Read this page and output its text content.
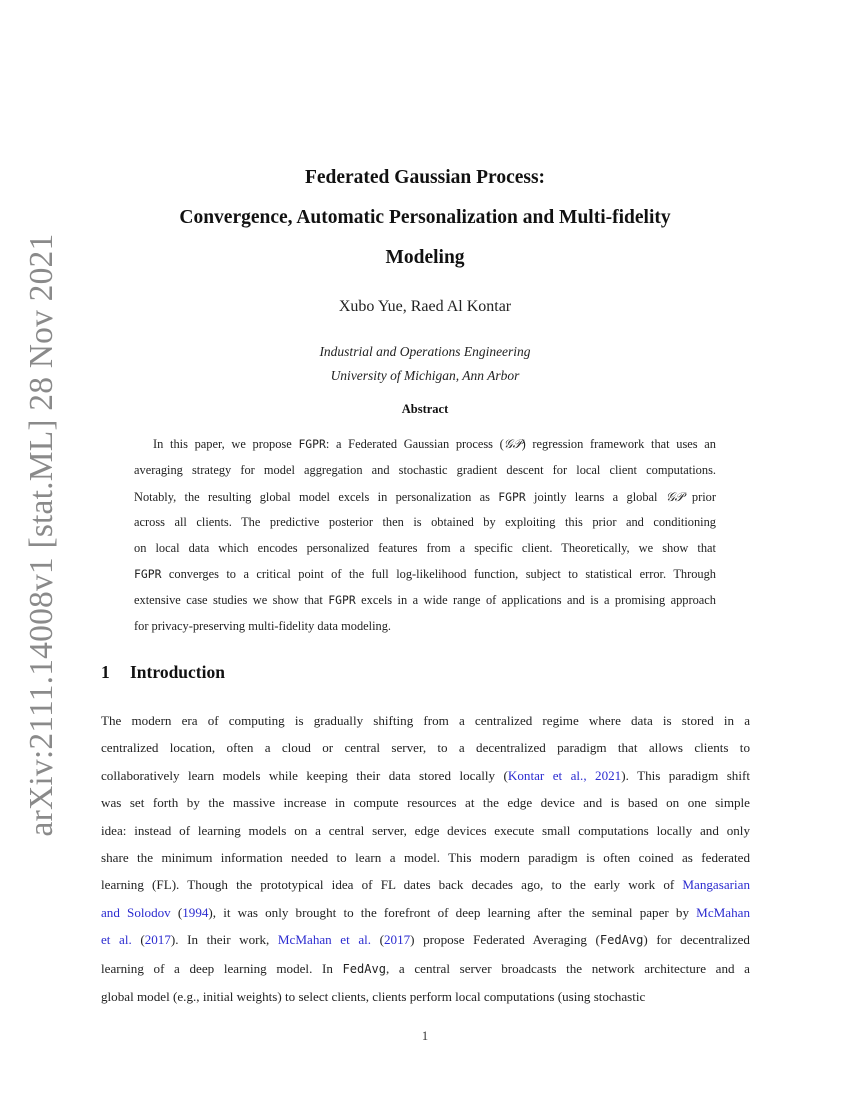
arXiv:2111.14008v1 [stat.ML] 28 Nov 2021
Federated Gaussian Process:
Convergence, Automatic Personalization and Multi-fidelity
Modeling
Xubo Yue, Raed Al Kontar
Industrial and Operations Engineering
University of Michigan, Ann Arbor
Abstract
In this paper, we propose FGPR: a Federated Gaussian process (𝒢𝒫) regression framework that uses an
averaging strategy for model aggregation and stochastic gradient descent for local client computations.
Notably, the resulting global model excels in personalization as FGPR jointly learns a global 𝒢𝒫 prior
across all clients. The predictive posterior then is obtained by exploiting this prior and conditioning
on local data which encodes personalized features from a specific client. Theoretically, we show that
FGPR converges to a critical point of the full log-likelihood function, subject to statistical error. Through
extensive case studies we show that FGPR excels in a wide range of applications and is a promising approach
for privacy-preserving multi-fidelity data modeling.
1 Introduction
The modern era of computing is gradually shifting from a centralized regime where data is stored in a
centralized location, often a cloud or central server, to a decentralized paradigm that allows clients to
collaboratively learn models while keeping their data stored locally (Kontar et al., 2021). This paradigm shift
was set forth by the massive increase in compute resources at the edge device and is based on one simple
idea: instead of learning models on a central server, edge devices execute small computations locally and only
share the minimum information needed to learn a model. This modern paradigm is often coined as federated
learning (FL). Though the prototypical idea of FL dates back decades ago, to the early work of Mangasarian
and Solodov (1994), it was only brought to the forefront of deep learning after the seminal paper by McMahan
et al. (2017). In their work, McMahan et al. (2017) propose Federated Averaging (FedAvg) for decentralized
learning of a deep learning model. In FedAvg, a central server broadcasts the network architecture and a
global model (e.g., initial weights) to select clients, clients perform local computations (using stochastic
1
